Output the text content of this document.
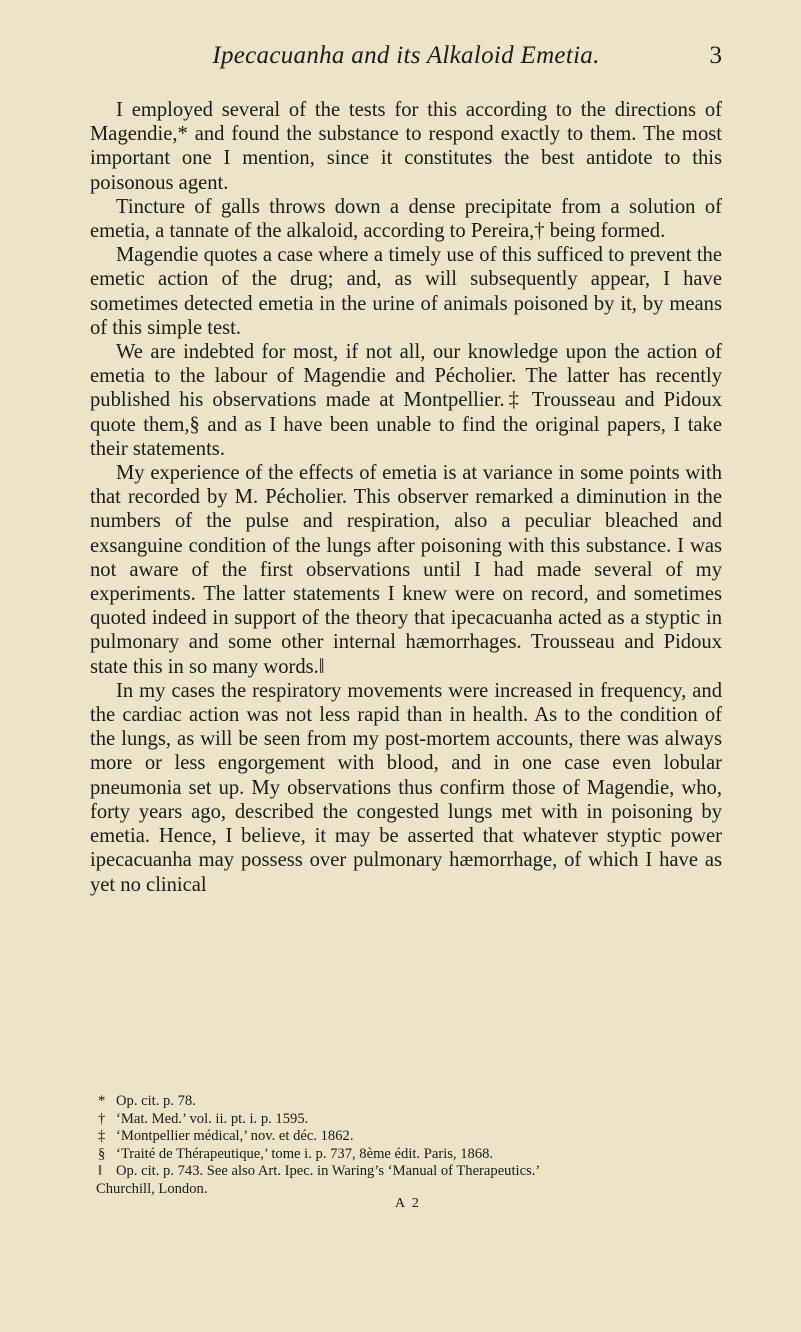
Ipecacuanha and its Alkaloid Emetia.	3

I employed several of the tests for this according to the directions of Magendie,* and found the substance to respond exactly to them. The most important one I mention, since it constitutes the best antidote to this poisonous agent.

Tincture of galls throws down a dense precipitate from a solution of emetia, a tannate of the alkaloid, according to Pereira,† being formed.

Magendie quotes a case where a timely use of this sufficed to prevent the emetic action of the drug; and, as will subsequently appear, I have sometimes detected emetia in the urine of animals poisoned by it, by means of this simple test.

We are indebted for most, if not all, our knowledge upon the action of emetia to the labour of Magendie and Pécholier. The latter has recently published his observations made at Montpellier.‡ Trousseau and Pidoux quote them,§ and as I have been unable to find the original papers, I take their statements.

My experience of the effects of emetia is at variance in some points with that recorded by M. Pécholier. This observer remarked a diminution in the numbers of the pulse and respiration, also a peculiar bleached and exsanguine condition of the lungs after poisoning with this substance. I was not aware of the first observations until I had made several of my experiments. The latter statements I knew were on record, and sometimes quoted indeed in support of the theory that ipecacuanha acted as a styptic in pulmonary and some other internal hæmorrhages. Trousseau and Pidoux state this in so many words.‖

In my cases the respiratory movements were increased in frequency, and the cardiac action was not less rapid than in health. As to the condition of the lungs, as will be seen from my post-mortem accounts, there was always more or less engorgement with blood, and in one case even lobular pneumonia set up. My observations thus confirm those of Magendie, who, forty years ago, described the congested lungs met with in poisoning by emetia. Hence, I believe, it may be asserted that whatever styptic power ipecacuanha may possess over pulmonary hæmorrhage, of which I have as yet no clinical

* Op. cit. p. 78.

† ‘Mat. Med.’ vol. ii. pt. i. p. 1595.

‡ ‘Montpellier médical,’ nov. et déc. 1862.

§ ‘Traité de Thérapeutique,’ tome i. p. 737, 8ème édit. Paris, 1868.

‖ Op. cit. p. 743. See also Art. Ipec. in Waring’s ‘Manual of Therapeutics.’

Churchill, London.

A 2
